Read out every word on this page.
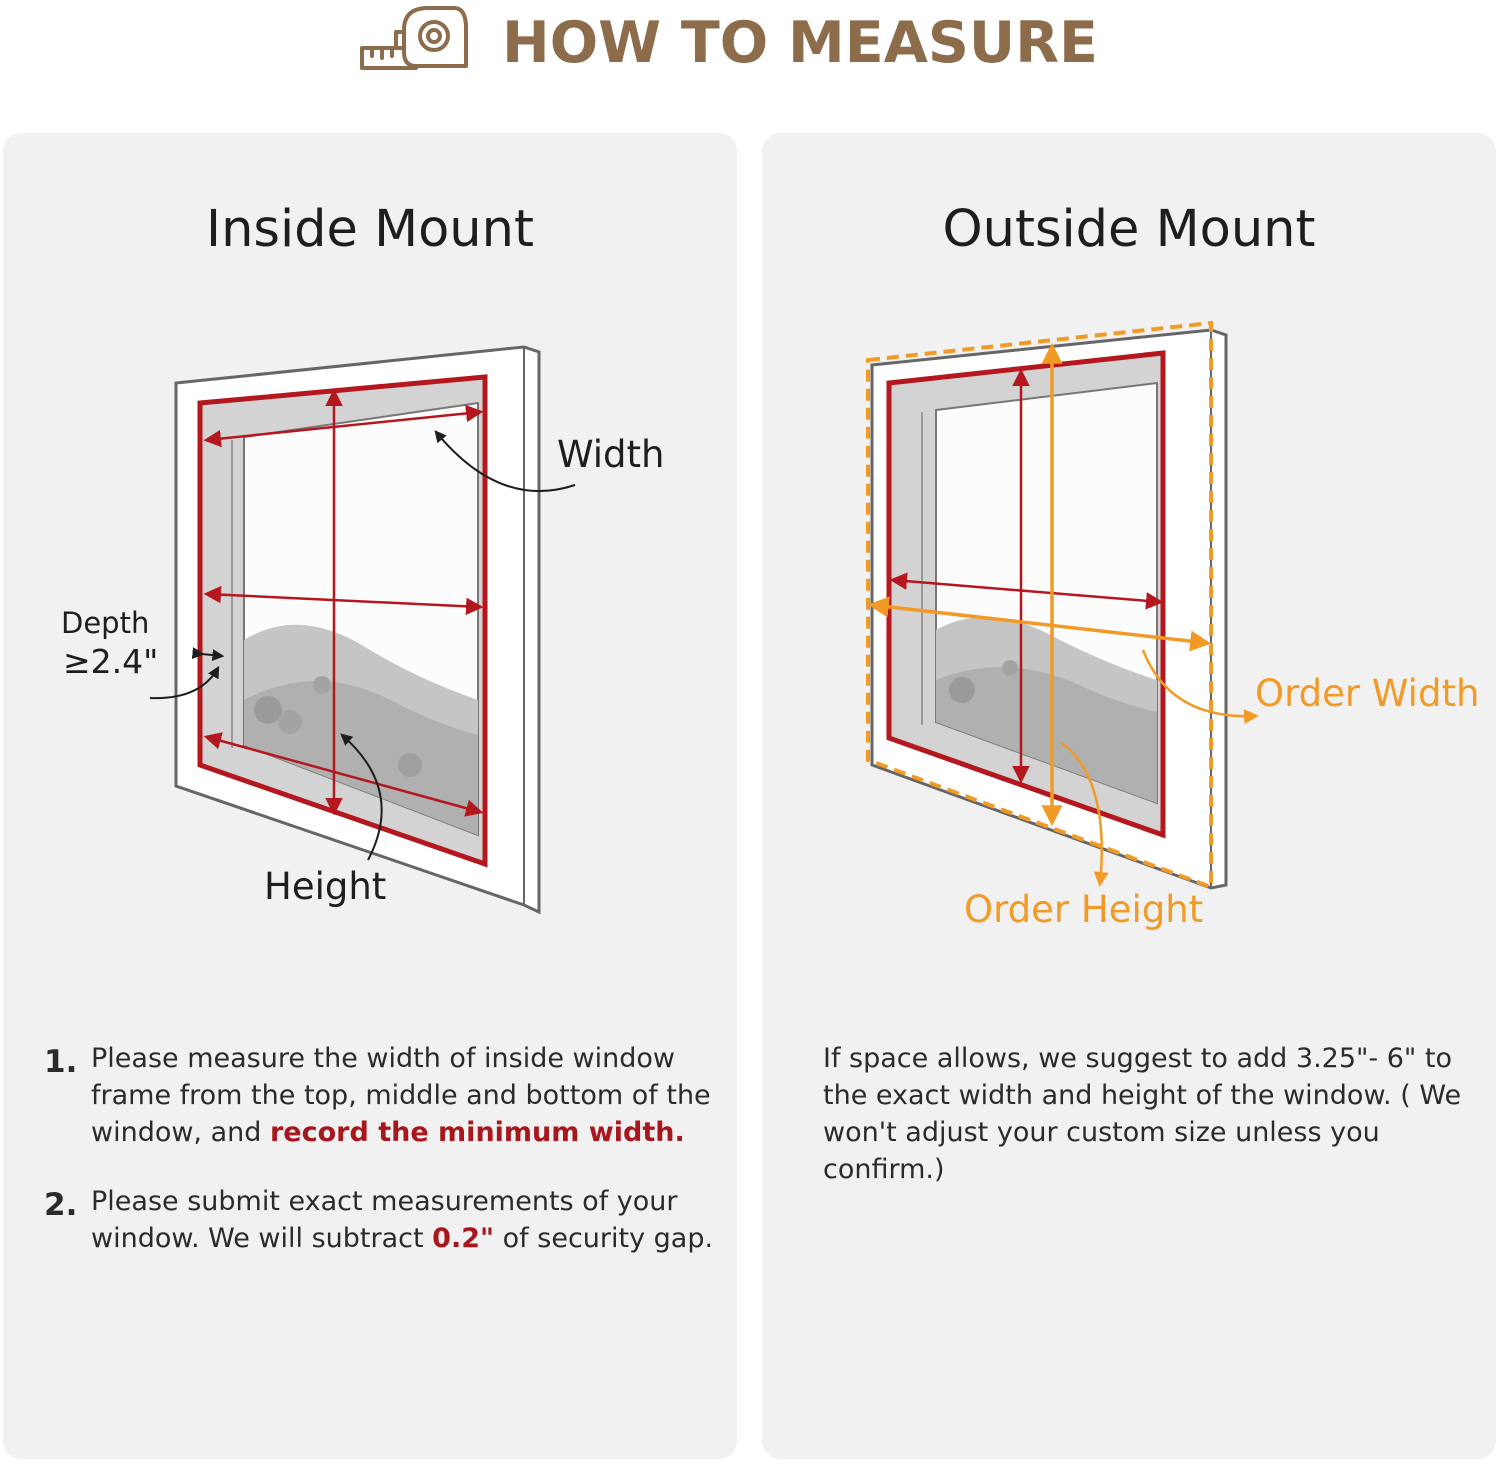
HOW TO MEASURE
Inside Mount
Width
Depth
≥2.4"
Height
1. Please measure the width of inside window frame from the top, middle and bottom of the window, and record the minimum width.
2. Please submit exact measurements of your window. We will subtract 0.2" of security gap.
Outside Mount
Order Width
Order Height
If space allows, we suggest to add 3.25"- 6" to the exact width and height of the window. ( We won't adjust your custom size unless you confirm.)
